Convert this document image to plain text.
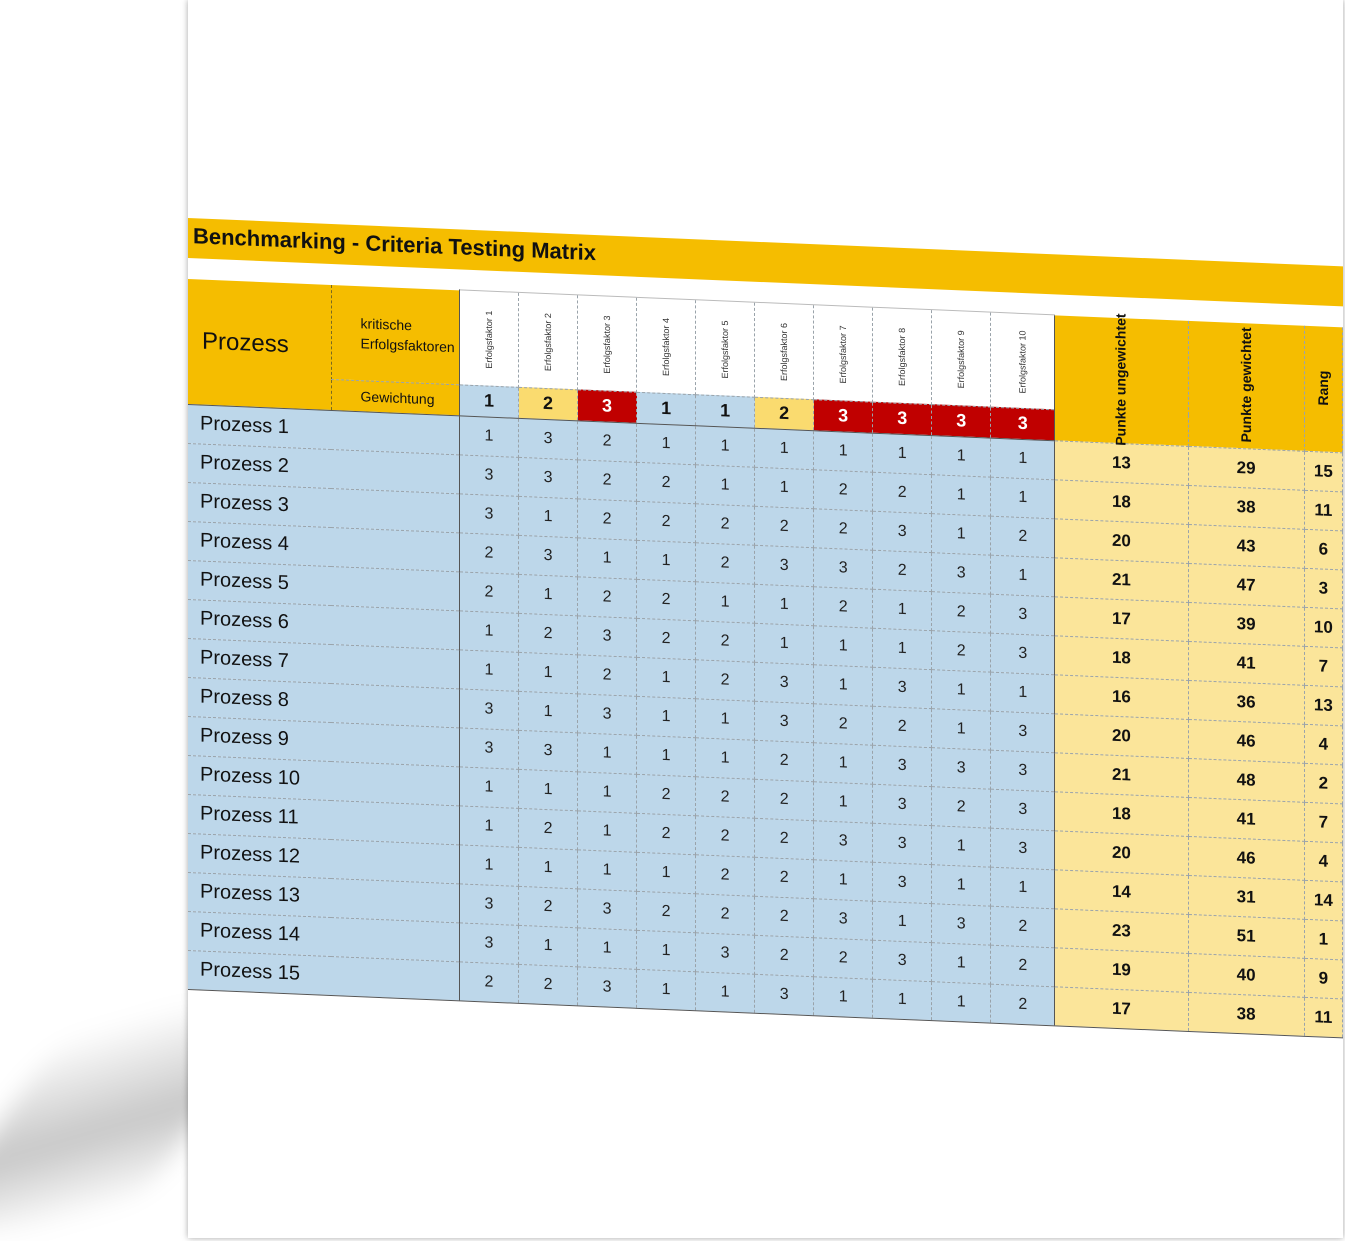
Benchmarking - Criteria Testing Matrix
Prozess	kritische Erfolgsfaktoren	Erfolgsfaktor 1	Erfolgsfaktor 2	Erfolgsfaktor 3	Erfolgsfaktor 4	Erfolgsfaktor 5	Erfolgsfaktor 6	Erfolgsfaktor 7	Erfolgsfaktor 8	Erfolgsfaktor 9	Erfolgsfaktor 10	Punkte ungewichtet	Punkte gewichtet	Rang
	Gewichtung	1	2	3	1	1	2	3	3	3	3			
Prozess 1		1	3	2	1	1	1	1	1	1	1	13	29	15
Prozess 2		3	3	2	2	1	1	2	2	1	1	18	38	11
Prozess 3		3	1	2	2	2	2	2	3	1	2	20	43	6
Prozess 4		2	3	1	1	2	3	3	2	3	1	21	47	3
Prozess 5		2	1	2	2	1	1	2	1	2	3	17	39	10
Prozess 6		1	2	3	2	2	1	1	1	2	3	18	41	7
Prozess 7		1	1	2	1	2	3	1	3	1	1	16	36	13
Prozess 8		3	1	3	1	1	3	2	2	1	3	20	46	4
Prozess 9		3	3	1	1	1	2	1	3	3	3	21	48	2
Prozess 10		1	1	1	2	2	2	1	3	2	3	18	41	7
Prozess 11		1	2	1	2	2	2	3	3	1	3	20	46	4
Prozess 12		1	1	1	1	2	2	1	3	1	1	14	31	14
Prozess 13		3	2	3	2	2	2	3	1	3	2	23	51	1
Prozess 14		3	1	1	1	3	2	2	3	1	2	19	40	9
Prozess 15		2	2	3	1	1	3	1	1	1	2	17	38	11
